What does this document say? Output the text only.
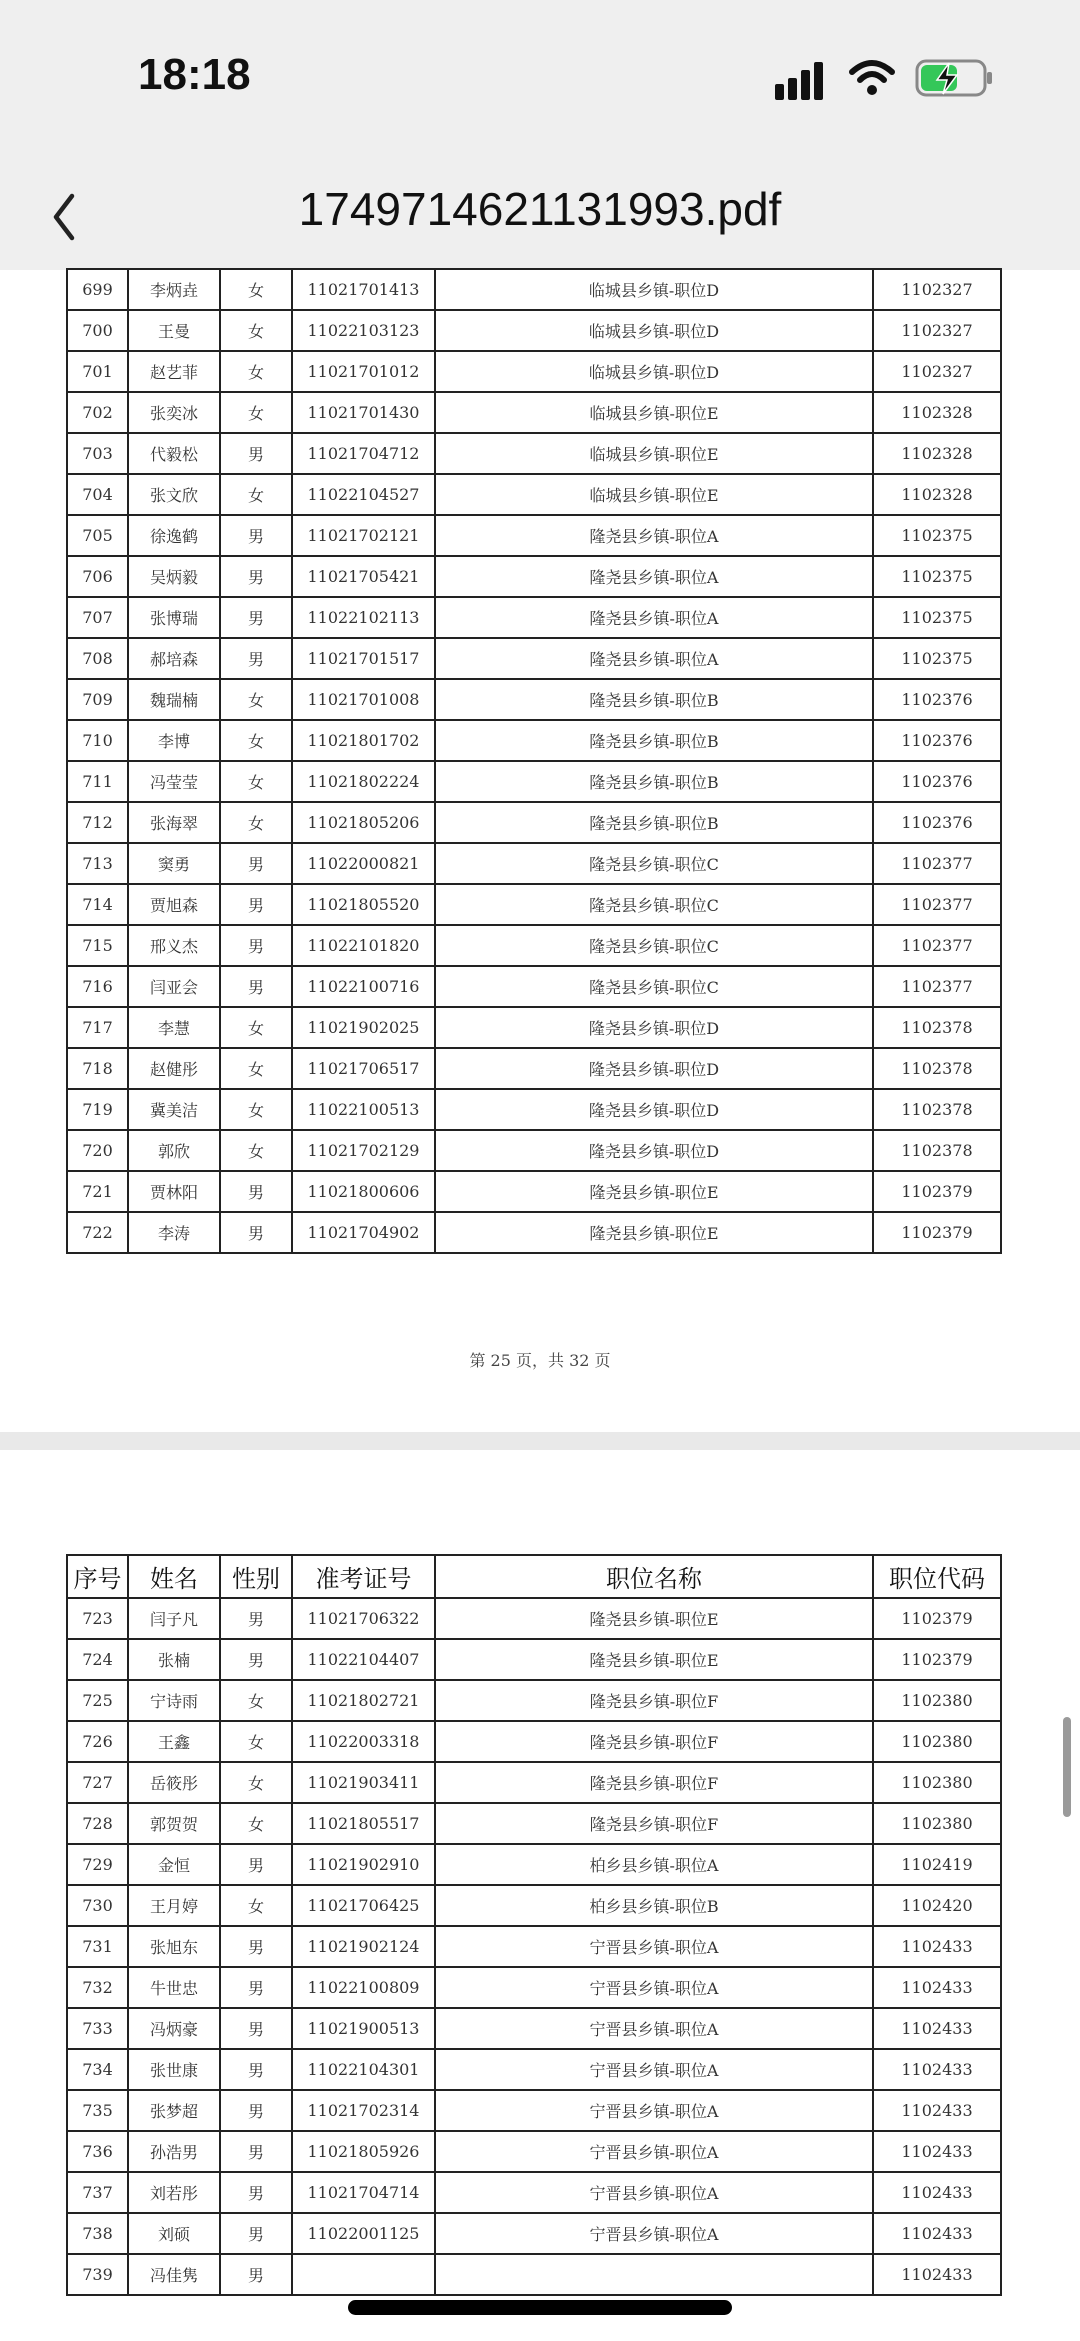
18:18
1749714621131993.pdf
699	李炳垚	女	11021701413	临城县乡镇-职位D	1102327
700	王曼	女	11022103123	临城县乡镇-职位D	1102327
701	赵艺菲	女	11021701012	临城县乡镇-职位D	1102327
702	张奕冰	女	11021701430	临城县乡镇-职位E	1102328
703	代毅松	男	11021704712	临城县乡镇-职位E	1102328
704	张文欣	女	11022104527	临城县乡镇-职位E	1102328
705	徐逸鹤	男	11021702121	隆尧县乡镇-职位A	1102375
706	吴炳毅	男	11021705421	隆尧县乡镇-职位A	1102375
707	张博瑞	男	11022102113	隆尧县乡镇-职位A	1102375
708	郝培森	男	11021701517	隆尧县乡镇-职位A	1102375
709	魏瑞楠	女	11021701008	隆尧县乡镇-职位B	1102376
710	李博	女	11021801702	隆尧县乡镇-职位B	1102376
711	冯莹莹	女	11021802224	隆尧县乡镇-职位B	1102376
712	张海翠	女	11021805206	隆尧县乡镇-职位B	1102376
713	窦勇	男	11022000821	隆尧县乡镇-职位C	1102377
714	贾旭森	男	11021805520	隆尧县乡镇-职位C	1102377
715	邢义杰	男	11022101820	隆尧县乡镇-职位C	1102377
716	闫亚会	男	11022100716	隆尧县乡镇-职位C	1102377
717	李慧	女	11021902025	隆尧县乡镇-职位D	1102378
718	赵健彤	女	11021706517	隆尧县乡镇-职位D	1102378
719	冀美洁	女	11022100513	隆尧县乡镇-职位D	1102378
720	郭欣	女	11021702129	隆尧县乡镇-职位D	1102378
721	贾林阳	男	11021800606	隆尧县乡镇-职位E	1102379
722	李涛	男	11021704902	隆尧县乡镇-职位E	1102379
第 25 页，共 32 页
序号	姓名	性别	准考证号	职位名称	职位代码
723	闫子凡	男	11021706322	隆尧县乡镇-职位E	1102379
724	张楠	男	11022104407	隆尧县乡镇-职位E	1102379
725	宁诗雨	女	11021802721	隆尧县乡镇-职位F	1102380
726	王鑫	女	11022003318	隆尧县乡镇-职位F	1102380
727	岳筱彤	女	11021903411	隆尧县乡镇-职位F	1102380
728	郭贺贺	女	11021805517	隆尧县乡镇-职位F	1102380
729	金恒	男	11021902910	柏乡县乡镇-职位A	1102419
730	王月婷	女	11021706425	柏乡县乡镇-职位B	1102420
731	张旭东	男	11021902124	宁晋县乡镇-职位A	1102433
732	牛世忠	男	11022100809	宁晋县乡镇-职位A	1102433
733	冯炳豪	男	11021900513	宁晋县乡镇-职位A	1102433
734	张世康	男	11022104301	宁晋县乡镇-职位A	1102433
735	张梦超	男	11021702314	宁晋县乡镇-职位A	1102433
736	孙浩男	男	11021805926	宁晋县乡镇-职位A	1102433
737	刘若彤	男	11021704714	宁晋县乡镇-职位A	1102433
738	刘硕	男	11022001125	宁晋县乡镇-职位A	1102433
739	冯佳隽	男			1102433
